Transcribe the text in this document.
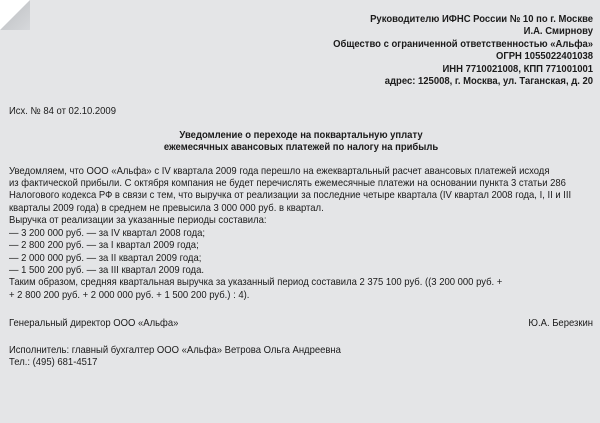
Руководителю ИФНС России № 10 по г. Москве
И.А. Смирнову
Общество с ограниченной ответственностью «Альфа»
ОГРН 1055022401038
ИНН 7710021008, КПП 771001001
адрес: 125008, г. Москва, ул. Таганская, д. 20
Исх. № 84 от 02.10.2009
Уведомление о переходе на поквартальную уплату
ежемесячных авансовых платежей по налогу на прибыль
Уведомляем, что ООО «Альфа» с IV квартала 2009 года перешло на ежеквартальный расчет авансовых платежей исходя
из фактической прибыли. С октября компания не будет перечислять ежемесячные платежи на основании пункта 3 статьи 286
Налогового кодекса РФ в связи с тем, что выручка от реализации за последние четыре квартала (IV квартал 2008 года, I, II и III
кварталы 2009 года) в среднем не превысила 3 000 000 руб. в квартал.
Выручка от реализации за указанные периоды составила:
— 3 200 000 руб. — за IV квартал 2008 года;
— 2 800 200 руб. — за I квартал 2009 года;
— 2 000 000 руб. — за II квартал 2009 года;
— 1 500 200 руб. — за III квартал 2009 года.
Таким образом, средняя квартальная выручка за указанный период составила 2 375 100 руб. ((3 200 000 руб. +
+ 2 800 200 руб. + 2 000 000 руб. + 1 500 200 руб.) : 4).
Генеральный директор ООО «Альфа»	Ю.А. Березкин
Исполнитель: главный бухгалтер ООО «Альфа» Ветрова Ольга Андреевна
Тел.: (495) 681-4517
